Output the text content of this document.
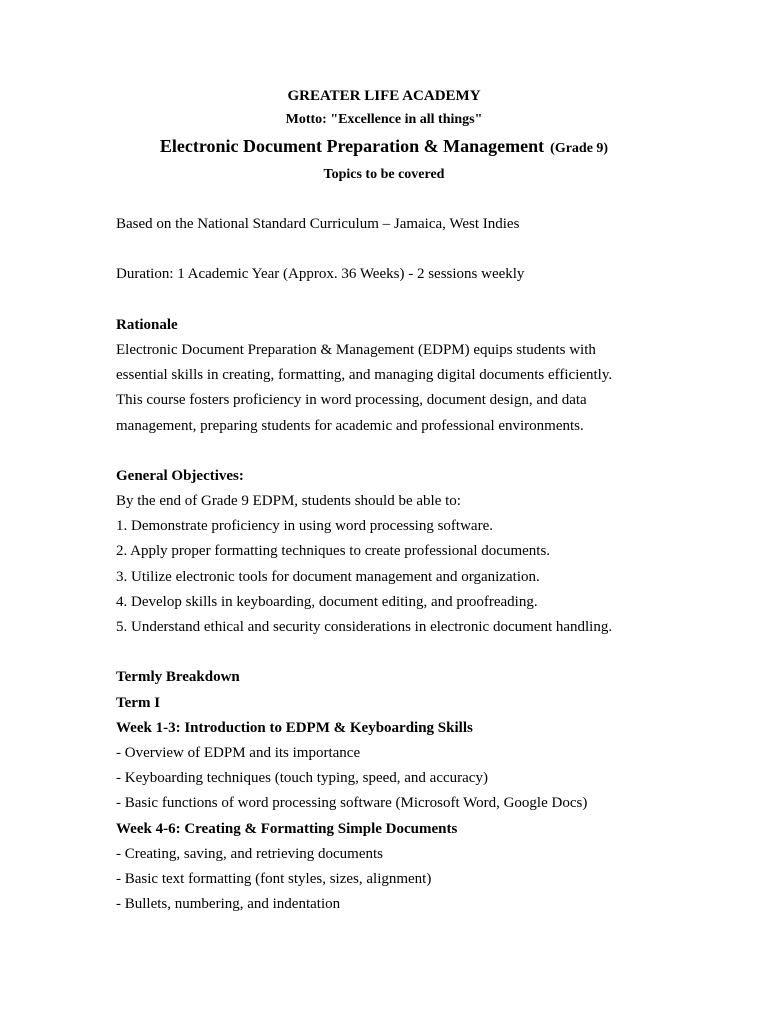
GREATER LIFE ACADEMY
Motto: "Excellence in all things"
Electronic Document Preparation & Management (Grade 9)
Topics to be covered
Based on the National Standard Curriculum – Jamaica, West Indies
Duration: 1 Academic Year (Approx. 36 Weeks) - 2 sessions weekly
Rationale
Electronic Document Preparation & Management (EDPM) equips students with
essential skills in creating, formatting, and managing digital documents efficiently.
This course fosters proficiency in word processing, document design, and data
management, preparing students for academic and professional environments.
General Objectives:
By the end of Grade 9 EDPM, students should be able to:
1. Demonstrate proficiency in using word processing software.
2. Apply proper formatting techniques to create professional documents.
3. Utilize electronic tools for document management and organization.
4. Develop skills in keyboarding, document editing, and proofreading.
5. Understand ethical and security considerations in electronic document handling.
Termly Breakdown
Term I
Week 1-3: Introduction to EDPM & Keyboarding Skills
- Overview of EDPM and its importance
- Keyboarding techniques (touch typing, speed, and accuracy)
- Basic functions of word processing software (Microsoft Word, Google Docs)
Week 4-6: Creating & Formatting Simple Documents
- Creating, saving, and retrieving documents
- Basic text formatting (font styles, sizes, alignment)
- Bullets, numbering, and indentation
